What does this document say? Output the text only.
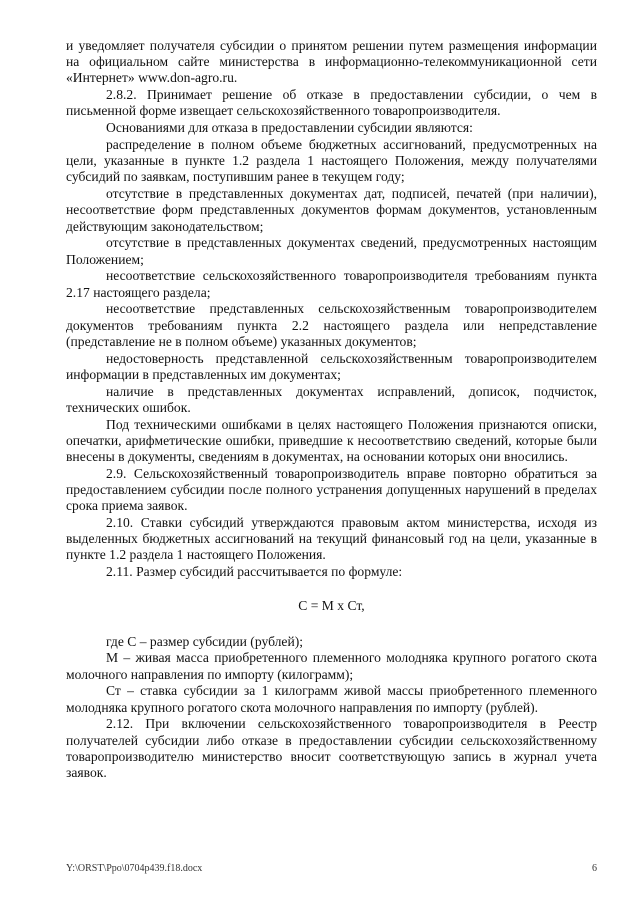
и уведомляет получателя субсидии о принятом решении путем размещения информации на официальном сайте министерства в информационно-телекоммуникационной сети «Интернет» www.don-agro.ru.

2.8.2. Принимает решение об отказе в предоставлении субсидии, о чем в письменной форме извещает сельскохозяйственного товаропроизводителя.

Основаниями для отказа в предоставлении субсидии являются:

распределение в полном объеме бюджетных ассигнований, предусмотренных на цели, указанные в пункте 1.2 раздела 1 настоящего Положения, между получателями субсидий по заявкам, поступившим ранее в текущем году;

отсутствие в представленных документах дат, подписей, печатей (при наличии), несоответствие форм представленных документов формам документов, установленным действующим законодательством;

отсутствие в представленных документах сведений, предусмотренных настоящим Положением;

несоответствие сельскохозяйственного товаропроизводителя требованиям пункта 2.17 настоящего раздела;

несоответствие представленных сельскохозяйственным товаропроизводителем документов требованиям пункта 2.2 настоящего раздела или непредставление (представление не в полном объеме) указанных документов;

недостоверность представленной сельскохозяйственным товаропроизводителем информации в представленных им документах;

наличие в представленных документах исправлений, дописок, подчисток, технических ошибок.

Под техническими ошибками в целях настоящего Положения признаются описки, опечатки, арифметические ошибки, приведшие к несоответствию сведений, которые были внесены в документы, сведениям в документах, на основании которых они вносились.

2.9. Сельскохозяйственный товаропроизводитель вправе повторно обратиться за предоставлением субсидии после полного устранения допущенных нарушений в пределах срока приема заявок.

2.10. Ставки субсидий утверждаются правовым актом министерства, исходя из выделенных бюджетных ассигнований на текущий финансовый год на цели, указанные в пункте 1.2 раздела 1 настоящего Положения.

2.11. Размер субсидий рассчитывается по формуле:

С = М х Ст,

где С – размер субсидии (рублей);

М – живая масса приобретенного племенного молодняка крупного рогатого скота молочного направления по импорту (килограмм);

Ст – ставка субсидии за 1 килограмм живой массы приобретенного племенного молодняка крупного рогатого скота молочного направления по импорту (рублей).

2.12. При включении сельскохозяйственного товаропроизводителя в Реестр получателей субсидии либо отказе в предоставлении субсидии сельскохозяйственному товаропроизводителю министерство вносит соответствующую запись в журнал учета заявок.

Y:\ORST\Ppo\0704p439.f18.docx	6
